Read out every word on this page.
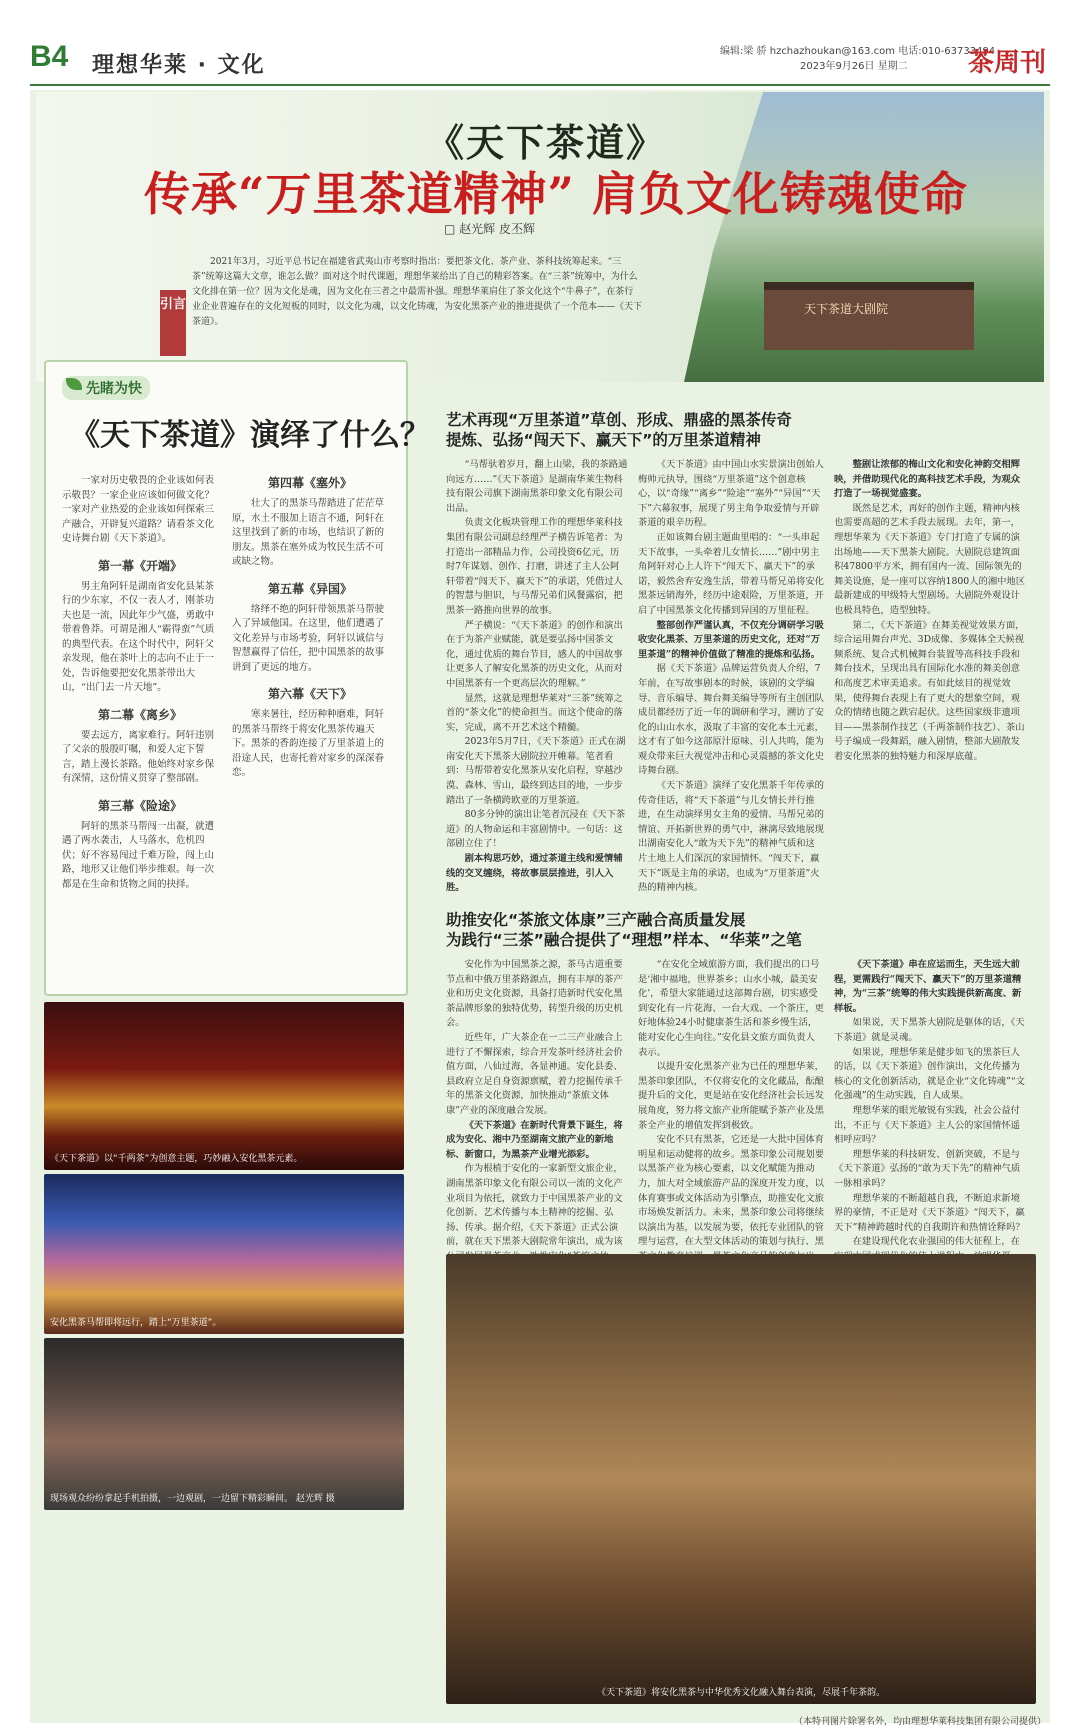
B4 理想华莱 · 文化
编辑:梁 骄 hzchazhoukan@163.com 电话:010-63733494
2023年9月26日 星期二	茶周刊
天下茶道大剧院
《天下茶道》
传承“万里茶道精神” 肩负文化铸魂使命
□ 赵光辉 皮丕辉
引言
2021年3月，习近平总书记在福建省武夷山市考察时指出：要把茶文化、茶产业、茶科技统筹起来。“三茶”统筹这篇大文章，谁怎么做？面对这个时代课题，理想华莱给出了自己的精彩答案。在“三茶”统筹中，为什么文化排在第一位？因为文化是魂，因为文化在三者之中最需补强。理想华莱肩住了茶文化这个“牛鼻子”，在茶行业企业普遍存在的文化短板的同时，以文化为魂，以文化铸魂，为安化黑茶产业的推进提供了一个范本——《天下茶道》。
先睹为快
《天下茶道》演绎了什么？

一家对历史敬畏的企业该如何表示敬畏？一家企业应该如何做文化？一家对产业热爱的企业该如何探索三产融合，开辟复兴道路？请看茶文化史诗舞台剧《天下茶道》。

第一幕《开端》

男主角阿轩是湖南省安化县某茶行的少东家，不仅一表人才，刚茶功夫也是一流，因此年少气盛，勇敢中带着鲁莽。可谓是湘人“霸得蛮”气质的典型代表。在这个时代中，阿轩父亲发现，他在茶叶上的志向不止于一处，告诉他要把安化黑茶带出大山，“出门去一片天地”。

第二幕《离乡》

要去远方，离家难行。阿轩违别了父亲的殷殷叮嘱，和爱人定下誓言，踏上漫长茶路。他始终对家乡保有深情，这份情义贯穿了整部剧。

第三幕《险途》

阿轩的黑茶马帮闯一出凝，就遭遇了两水袭击，人马落水，危机四伏；好不容易闯过千难万险，闯上山路，地形又让他们举步维艰。每一次都是在生命和货物之间的抉择。

第四幕《塞外》

壮大了的黑茶马帮踏进了茫茫草原，水土不服加上语言不通，阿轩在这里找到了新的市场，也结识了新的朋友。黑茶在塞外成为牧民生活不可或缺之物。

第五幕《异国》

络绎不绝的阿轩带领黑茶马帮驶入了异域他国。在这里，他们遭遇了文化差异与市场考验，阿轩以诚信与智慧赢得了信任，把中国黑茶的故事讲到了更远的地方。

第六幕《天下》

寒来暑往，经历种种磨难，阿轩的黑茶马帮终于将安化黑茶传遍天下。黑茶的香韵连接了万里茶道上的沿途人民，也寄托着对家乡的深深眷恋。

《天下茶道》以“千两茶”为创意主题，巧妙融入安化黑茶元素。
安化黑茶马帮即将远行，踏上“万里茶道”。
现场观众纷纷拿起手机拍摄，一边观剧，一边留下精彩瞬间。 赵光辉 摄
艺术再现“万里茶道”草创、形成、鼎盛的黑茶传奇
提炼、弘扬“闯天下、赢天下”的万里茶道精神

“马帮驮着岁月，翻上山梁，我的茶路通向远方……”《天下茶道》是湖南华莱生物科技有限公司旗下湖南黑茶印象文化有限公司出品。

负责文化板块管理工作的理想华莱科技集团有限公司副总经理严子横告诉笔者：为打造出一部精品力作，公司投资6亿元，历时7年谋划、创作、打磨，讲述了主人公阿轩带着“闯天下、赢天下”的承诺，凭借过人的智慧与胆识，与马帮兄弟们风餐露宿，把黑茶一路推向世界的故事。

严子横说：“《天下茶道》的创作和演出在于为茶产业赋能，就是要弘扬中国茶文化，通过优质的舞台节目，感人的中国故事让更多人了解安化黑茶的历史文化，从而对中国黑茶有一个更高层次的理解。”

显然，这就是理想华莱对“三茶”统筹之首的“茶文化”的使命担当。而这个使命的落实，完成，离不开艺术这个精髓。

2023年5月7日，《天下茶道》正式在湖南安化天下黑茶大剧院拉开帷幕。笔者看到：马帮带着安化黑茶从安化启程，穿越沙漠、森林、雪山，最终到达目的地，一步步踏出了一条横跨欧亚的万里茶道。

80多分钟的演出让笔者沉浸在《天下茶道》的人物命运和丰富剧情中。一句话：这部剧立住了！

剧本构思巧妙，通过茶道主线和爱情辅线的交叉缠绕，将故事层层推进，引人入胜。

《天下茶道》由中国山水实景演出创始人梅帅元执导，围绕“万里茶道”这个创意核心，以“奇缘”“离乡”“险途”“塞外”“异国”“天下”六幕叙事，展现了男主角争取爱情与开辟茶道的艰辛历程。

正如该舞台剧主题曲里唱的：“一头串起天下故事，一头牵着儿女情长……”剧中男主角阿轩对心上人许下“闯天下、赢天下”的承诺，毅然舍弃安逸生活，带着马帮兄弟将安化黑茶远销海外，经历中途艰险，万里茶道，开启了中国黑茶文化传播到异国的万里征程。

整部创作严谨认真，不仅充分调研学习吸收安化黑茶、万里茶道的历史文化，还对“万里茶道”的精神价值做了精准的提炼和弘扬。

据《天下茶道》品牌运营负责人介绍，7年前，在写故事剧本的时候，该剧的文学编导、音乐编导、舞台舞美编导等所有主创团队成员都经历了近一年的调研和学习，溯访了安化的山山水水，汲取了丰富的安化本土元素，这才有了如今这部原汁原味、引人共鸣，能为观众带来巨大视觉冲击和心灵震撼的茶文化史诗舞台剧。

《天下茶道》演绎了安化黑茶千年传承的传奇佳话，将“天下茶道”与儿女情长并行推进，在生动演绎男女主角的爱情、马帮兄弟的情谊、开拓新世界的勇气中，淋漓尽致地展现出湖南安化人“敢为天下先”的精神气质和这片土地上人们深沉的家国情怀。“闯天下，赢天下”既是主角的承诺，也成为“万里茶道”火热的精神内核。

整剧让浓郁的梅山文化和安化神韵交相辉映，并借助现代化的高科技艺术手段，为观众打造了一场视觉盛宴。

既然是艺术，再好的创作主题，精神内核也需要高超的艺术手段去展现。去年，第一，理想华莱为《天下茶道》专门打造了专属的演出场地——天下黑茶大剧院。大剧院总建筑面积47800平方米，拥有国内一流、国际领先的舞美设施，是一座可以容纳1800人的湘中地区最新建成的甲级特大型剧场。大剧院外观设计也极具特色，造型独特。

第二，《天下茶道》在舞美视觉效果方面，综合运用舞台声光、3D成像、多媒体全天候视频系统、复合式机械舞台装置等高科技手段和舞台技术，呈现出具有国际化水准的舞美创意和高度艺术审美追求。有如此炫目的视觉效果，使得舞台表现上有了更大的想象空间，观众的情绪也随之跌宕起伏。这些国家级非遗项目——黑茶制作技艺（千两茶制作技艺）、茶山号子编成一段舞蹈，融入剧情，整部大剧散发着安化黑茶的独特魅力和深厚底蕴。

助推安化“茶旅文体康”三产融合高质量发展
为践行“三茶”融合提供了“理想”样本、“华莱”之笔

安化作为中国黑茶之源，茶马古道重要节点和中俄万里茶路源点，拥有丰厚的茶产业和历史文化资源，具备打造新时代安化黑茶品牌形象的独特优势，转型升级的历史机会。

近些年，广大茶企在一二三产业融合上进行了不懈探索，综合开发茶叶经济社会价值方面，八仙过海，各显神通。安化县委、县政府立足自身资源禀赋，着力挖掘传承千年的黑茶文化资源，加快推动“茶旅文体康”产业的深度融合发展。

《天下茶道》在新时代背景下诞生，将成为安化、湘中乃至湖南文旅产业的新地标、新窗口，为黑茶产业增光添彩。

作为根植于安化的一家新型文旅企业，湖南黑茶印象文化有限公司以一流的文化产业项目为依托，就致力于中国黑茶产业的文化创新、艺术传播与本土精神的挖掘、弘扬、传承。据介绍，《天下茶道》正式公演前，就在天下黑茶大剧院常年演出，成为该

“在安化全域旅游方面，我们提出的口号是‘湘中福地，世界茶乡；山水小城，最美安化’，希望大家能通过这部舞台剧，切实感受到安化有一片花海、一台大戏、一个茶庄，更好地体验24小时健康茶生活和茶乡慢生活，能对安化心生向往。”安化县文旅方面负责人表示。

以提升安化黑茶产业为已任的理想华莱，黑茶印象团队，不仅将安化的文化藏品，酝酿提升后的文化，更是站在安化经济社会长远发展角度，努力将文旅产业所能赋予茶产业及黑茶全产业的增值发挥到极致。

安化不只有黑茶，它还是一大批中国体育明星和运动健将的故乡。黑茶印象公司规划要以黑茶产业为核心要素，以文化赋能为推动力，加大对全域旅游产品的深度开发力度，以体育赛事或文体活动为引擎点，助推安化文旅市场焕发新活力。未来，黑茶印象公司将继续以演出为基，以发展为要，依托专业团队的管理与运营，在大型文体活动的策划与执行、黑

《天下茶道》串在应运而生，天生远大前程，更需践行“闯天下、赢天下”的万里茶道精神，为“三茶”统筹的伟大实践提供新高度、新样板。

如果说，天下黑茶大剧院是躯体的话，《天下茶道》就是灵魂。

如果说，理想华莱是健步如飞的黑茶巨人的话，以《天下茶道》创作演出，文化传播为核心的文化创新活动，就是企业“文化铸魂”“文化强魂”的生动实践，自人成果。

理想华莱的眼光敏锐有实践，社会公益付出，不正与《天下茶道》主人公的家国情怀遥相呼应吗？

理想华莱的科技研发、创新突破，不是与《天下茶道》弘扬的“敢为天下先”的精神气质一脉相承吗？

理想华莱的不断超越自我，不断追求新境界的豪情，不正是对《天下茶道》“闯天下，赢天下”精神跨越时代的自我期许和热情诠释吗？

在建设现代化农业强国的伟大征程上，在

《天下茶道》将安化黑茶与中华优秀文化融入舞台表演，尽展千年茶韵。
（本特刊图片除署名外，均由理想华莱科技集团有限公司提供）
